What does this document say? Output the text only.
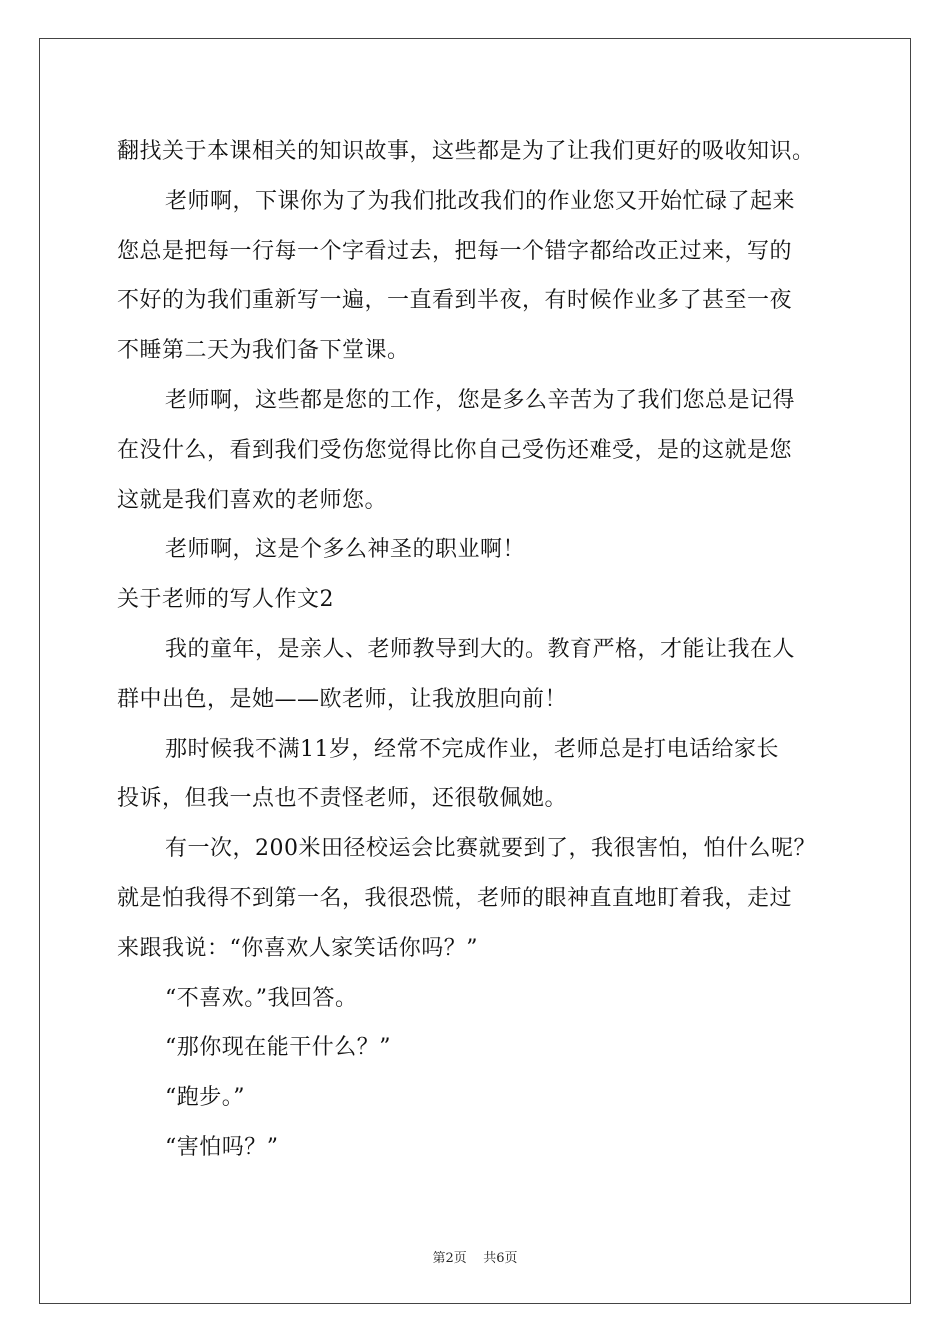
翻找关于本课相关的知识故事，这些都是为了让我们更好的吸收知识。
老师啊，下课你为了为我们批改我们的作业您又开始忙碌了起来
您总是把每一行每一个字看过去，把每一个错字都给改正过来，写的
不好的为我们重新写一遍，一直看到半夜，有时候作业多了甚至一夜
不睡第二天为我们备下堂课。
老师啊，这些都是您的工作，您是多么辛苦为了我们您总是记得
在没什么，看到我们受伤您觉得比你自己受伤还难受，是的这就是您
这就是我们喜欢的老师您。
老师啊，这是个多么神圣的职业啊！
关于老师的写人作文2
我的童年，是亲人、老师教导到大的。教育严格，才能让我在人
群中出色，是她——欧老师，让我放胆向前！
那时候我不满11岁，经常不完成作业，老师总是打电话给家长
投诉，但我一点也不责怪老师，还很敬佩她。
有一次，200米田径校运会比赛就要到了，我很害怕，怕什么呢？
就是怕我得不到第一名，我很恐慌，老师的眼神直直地盯着我，走过
来跟我说：“你喜欢人家笑话你吗？”
“不喜欢。”我回答。
“那你现在能干什么？”
“跑步。”
“害怕吗？”
第2页    共6页
